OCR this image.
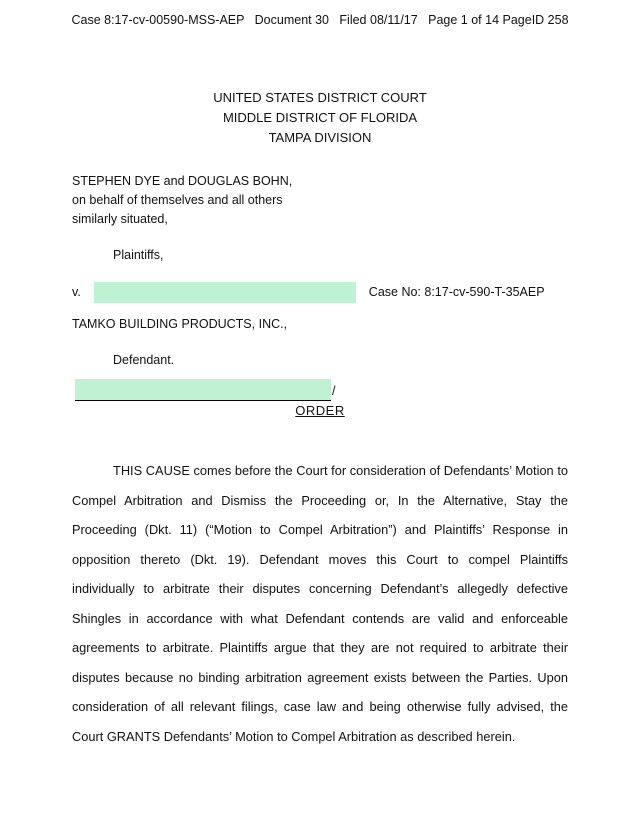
Case 8:17-cv-00590-MSS-AEP   Document 30   Filed 08/11/17   Page 1 of 14 PageID 258
UNITED STATES DISTRICT COURT
MIDDLE DISTRICT OF FLORIDA
TAMPA DIVISION
STEPHEN DYE and DOUGLAS BOHN,
on behalf of themselves and all others
similarly situated,
Plaintiffs,
v.	Case No: 8:17-cv-590-T-35AEP
TAMKO BUILDING PRODUCTS, INC.,
Defendant.
/
ORDER
THIS CAUSE comes before the Court for consideration of Defendants’ Motion to Compel Arbitration and Dismiss the Proceeding or, In the Alternative, Stay the Proceeding (Dkt. 11) (“Motion to Compel Arbitration”) and Plaintiffs’ Response in opposition thereto (Dkt. 19). Defendant moves this Court to compel Plaintiffs individually to arbitrate their disputes concerning Defendant’s allegedly defective Shingles in accordance with what Defendant contends are valid and enforceable agreements to arbitrate. Plaintiffs argue that they are not required to arbitrate their disputes because no binding arbitration agreement exists between the Parties. Upon consideration of all relevant filings, case law and being otherwise fully advised, the Court GRANTS Defendants’ Motion to Compel Arbitration as described herein.
